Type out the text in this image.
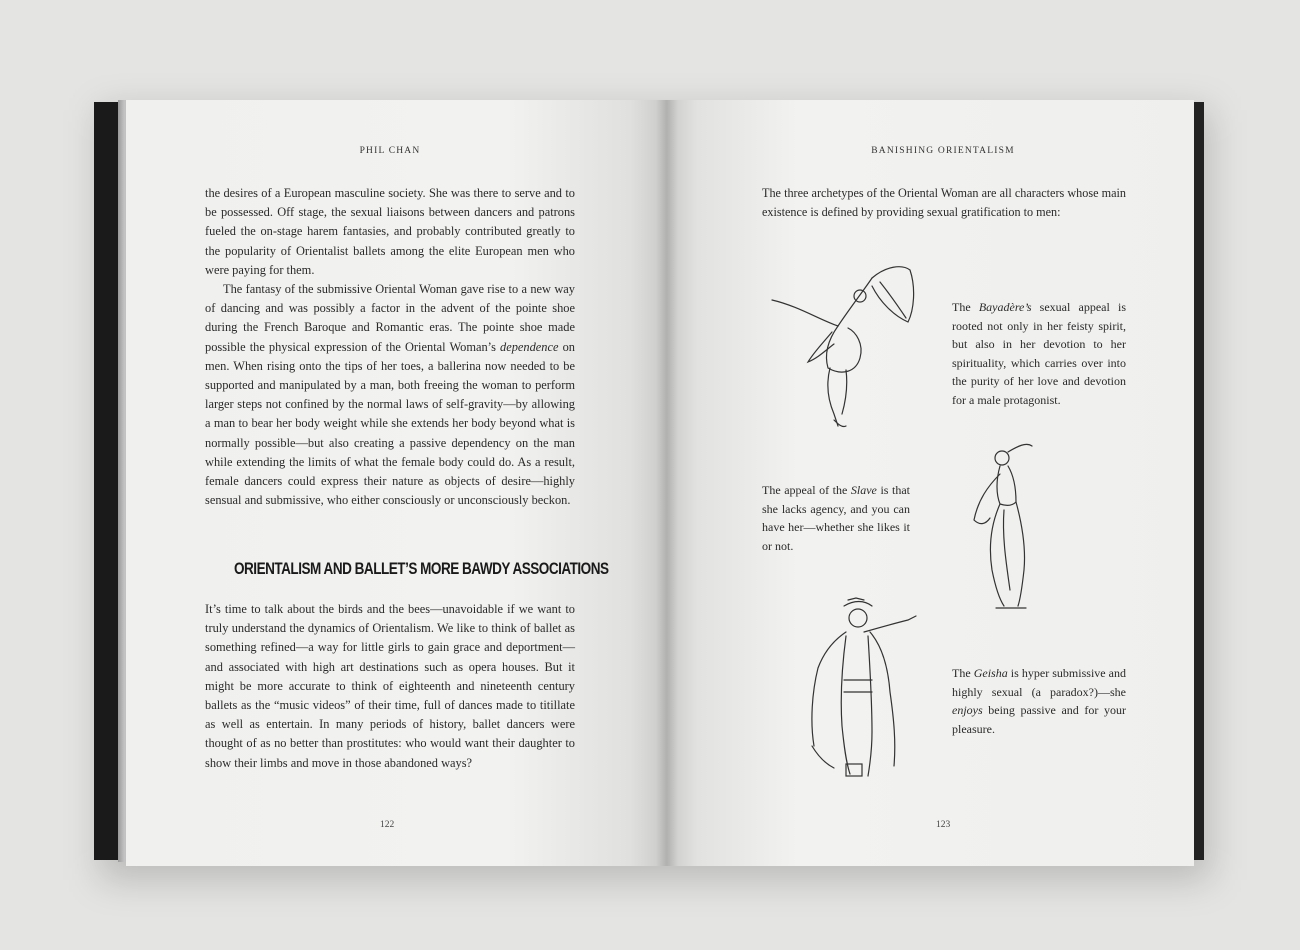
PHIL CHAN

the desires of a European masculine society. She was there to serve and to be possessed. Off stage, the sexual liaisons between dancers and patrons fueled the on-stage harem fantasies, and probably contributed greatly to the popularity of Orientalist ballets among the elite European men who were paying for them.

The fantasy of the submissive Oriental Woman gave rise to a new way of dancing and was possibly a factor in the advent of the pointe shoe during the French Baroque and Romantic eras. The pointe shoe made possible the physical expression of the Oriental Woman’s dependence on men. When rising onto the tips of her toes, a ballerina now needed to be supported and manipulated by a man, both freeing the woman to perform larger steps not confined by the normal laws of self-gravity—by allowing a man to bear her body weight while she extends her body beyond what is normally possible—but also creating a passive dependency on the man while extending the limits of what the female body could do. As a result, female dancers could express their nature as objects of desire—highly sensual and submissive, who either consciously or unconsciously beckon.

ORIENTALISM AND BALLET’S MORE BAWDY ASSOCIATIONS

It’s time to talk about the birds and the bees—unavoidable if we want to truly understand the dynamics of Orientalism. We like to think of ballet as something refined—a way for little girls to gain grace and deportment—and associated with high art destinations such as opera houses. But it might be more accurate to think of eighteenth and nineteenth century ballets as the “music videos” of their time, full of dances made to titillate as well as entertain. In many periods of history, ballet dancers were thought of as no better than prostitutes: who would want their daughter to show their limbs and move in those abandoned ways?

122
BANISHING ORIENTALISM
The three archetypes of the Oriental Woman are all characters whose main existence is defined by providing sexual gratification to men:
The Bayadère’s sexual appeal is rooted not only in her feisty spirit, but also in her devotion to her spirituality, which carries over into the purity of her love and devotion for a male protagonist.
The appeal of the Slave is that she lacks agency, and you can have her—whether she likes it or not.
The Geisha is hyper submissive and highly sexual (a paradox?)—she enjoys being passive and for your pleasure.
123
